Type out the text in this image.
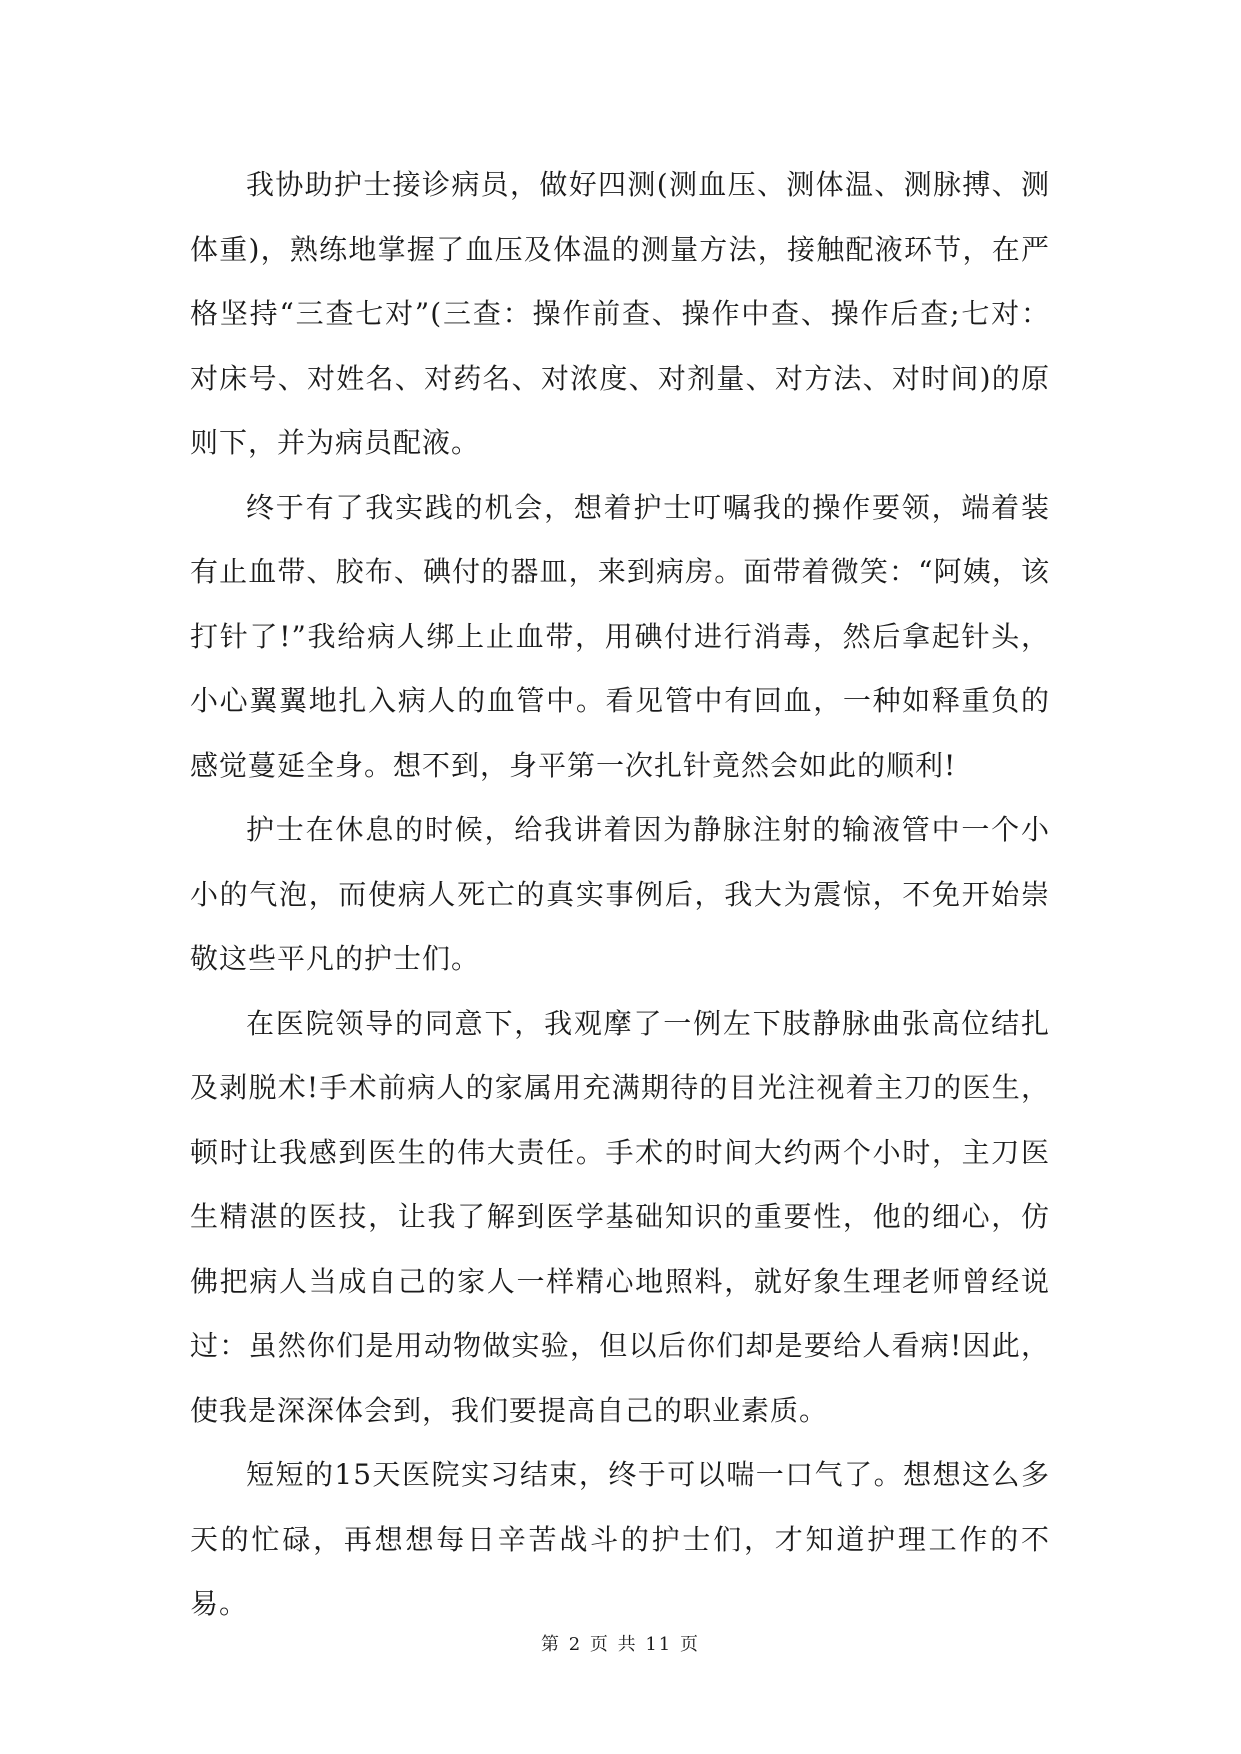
我协助护士接诊病员，做好四测(测血压、测体温、测脉搏、测体重)，熟练地掌握了血压及体温的测量方法，接触配液环节，在严格坚持“三查七对”(三查：操作前查、操作中查、操作后查;七对：对床号、对姓名、对药名、对浓度、对剂量、对方法、对时间)的原则下，并为病员配液。

终于有了我实践的机会，想着护士叮嘱我的操作要领，端着装有止血带、胶布、碘付的器皿，来到病房。面带着微笑：“阿姨，该打针了!”我给病人绑上止血带，用碘付进行消毒，然后拿起针头，小心翼翼地扎入病人的血管中。看见管中有回血，一种如释重负的感觉蔓延全身。想不到，身平第一次扎针竟然会如此的顺利!

护士在休息的时候，给我讲着因为静脉注射的输液管中一个小小的气泡，而使病人死亡的真实事例后，我大为震惊，不免开始崇敬这些平凡的护士们。

在医院领导的同意下，我观摩了一例左下肢静脉曲张高位结扎及剥脱术!手术前病人的家属用充满期待的目光注视着主刀的医生，顿时让我感到医生的伟大责任。手术的时间大约两个小时，主刀医生精湛的医技，让我了解到医学基础知识的重要性，他的细心，仿佛把病人当成自己的家人一样精心地照料，就好象生理老师曾经说过：虽然你们是用动物做实验，但以后你们却是要给人看病!因此，使我是深深体会到，我们要提高自己的职业素质。

短短的15天医院实习结束，终于可以喘一口气了。想想这么多天的忙碌，再想想每日辛苦战斗的护士们，才知道护理工作的不易。

第 2 页 共 11 页
